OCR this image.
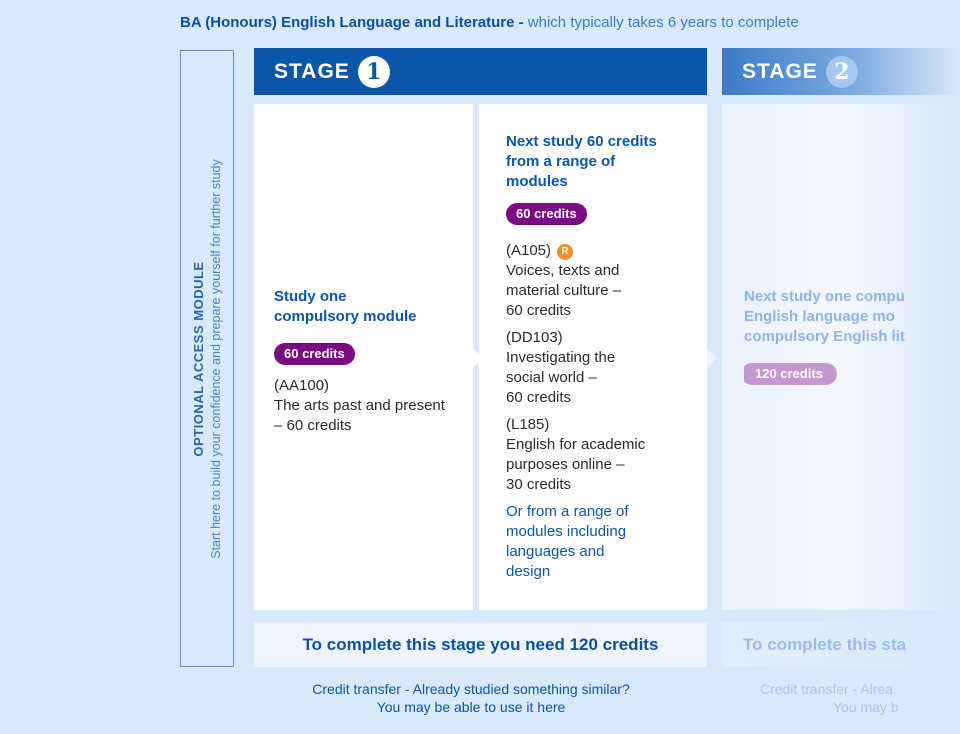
BA (Honours) English Language and Literature - which typically takes 6 years to complete
OPTIONAL ACCESS MODULE Start here to build your confidence and prepare yourself for further study
STAGE 1	STAGE 2
Study one
compulsory module
60 credits
(AA100)
The arts past and present
– 60 credits
Next study 60 credits
from a range of
modules
60 credits
(A105) R
Voices, texts and
material culture –
60 credits
(DD103)
Investigating the
social world –
60 credits
(L185)
English for academic
purposes online –
30 credits
Or from a range of
modules including
languages and
design
Next study one compu
English language mo
compulsory English lit
120 credits
To complete this stage you need 120 credits	To complete this sta
Credit transfer - Already studied something similar?
You may be able to use it here
Credit transfer - Alrea
You may b
